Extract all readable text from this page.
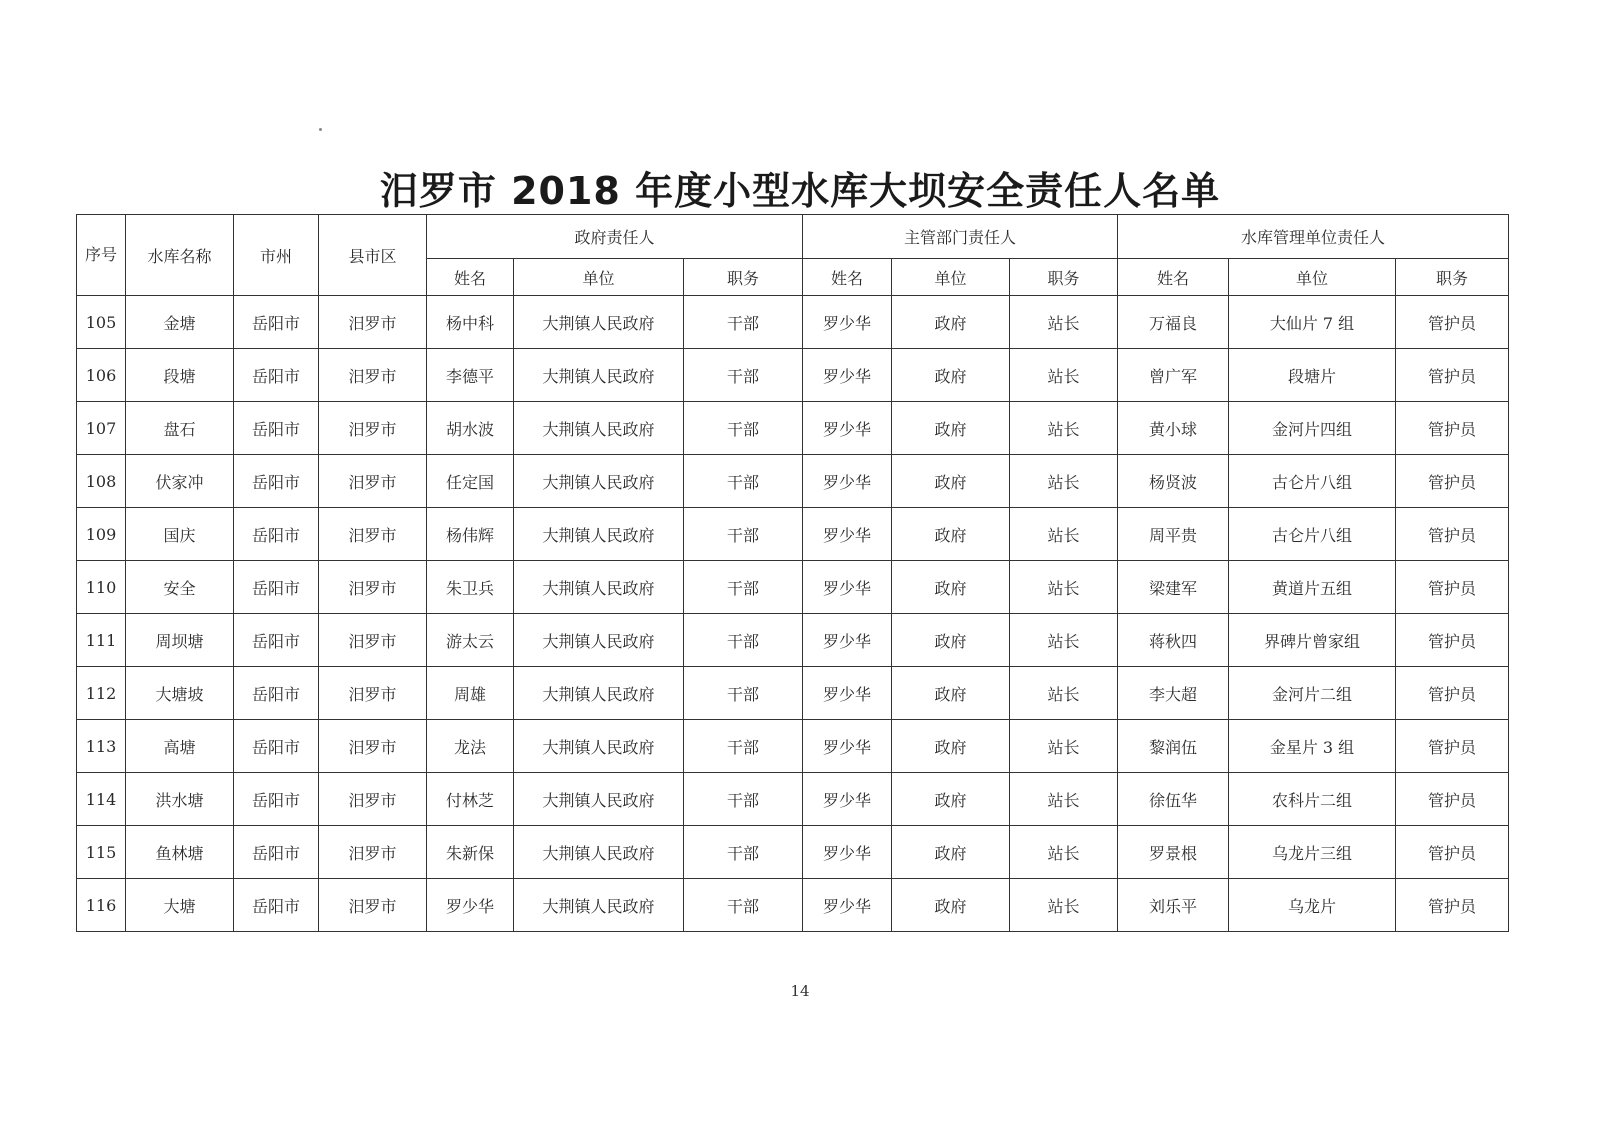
汨罗市 2018 年度小型水库大坝安全责任人名单
序号	水库名称	市州	县市区	政府责任人			主管部门责任人			水库管理单位责任人		
				姓名	单位	职务	姓名	单位	职务	姓名	单位	职务
105	金塘	岳阳市	汨罗市	杨中科	大荆镇人民政府	干部	罗少华	政府	站长	万福良	大仙片 7 组	管护员
106	段塘	岳阳市	汨罗市	李德平	大荆镇人民政府	干部	罗少华	政府	站长	曾广军	段塘片	管护员
107	盘石	岳阳市	汨罗市	胡水波	大荆镇人民政府	干部	罗少华	政府	站长	黄小球	金河片四组	管护员
108	伏家冲	岳阳市	汨罗市	任定国	大荆镇人民政府	干部	罗少华	政府	站长	杨贤波	古仑片八组	管护员
109	国庆	岳阳市	汨罗市	杨伟辉	大荆镇人民政府	干部	罗少华	政府	站长	周平贵	古仑片八组	管护员
110	安全	岳阳市	汨罗市	朱卫兵	大荆镇人民政府	干部	罗少华	政府	站长	梁建军	黄道片五组	管护员
111	周坝塘	岳阳市	汨罗市	游太云	大荆镇人民政府	干部	罗少华	政府	站长	蒋秋四	界碑片曾家组	管护员
112	大塘坡	岳阳市	汨罗市	周雄	大荆镇人民政府	干部	罗少华	政府	站长	李大超	金河片二组	管护员
113	高塘	岳阳市	汨罗市	龙法	大荆镇人民政府	干部	罗少华	政府	站长	黎润伍	金星片 3 组	管护员
114	洪水塘	岳阳市	汨罗市	付林芝	大荆镇人民政府	干部	罗少华	政府	站长	徐伍华	农科片二组	管护员
115	鱼林塘	岳阳市	汨罗市	朱新保	大荆镇人民政府	干部	罗少华	政府	站长	罗景根	乌龙片三组	管护员
116	大塘	岳阳市	汨罗市	罗少华	大荆镇人民政府	干部	罗少华	政府	站长	刘乐平	乌龙片	管护员
14
